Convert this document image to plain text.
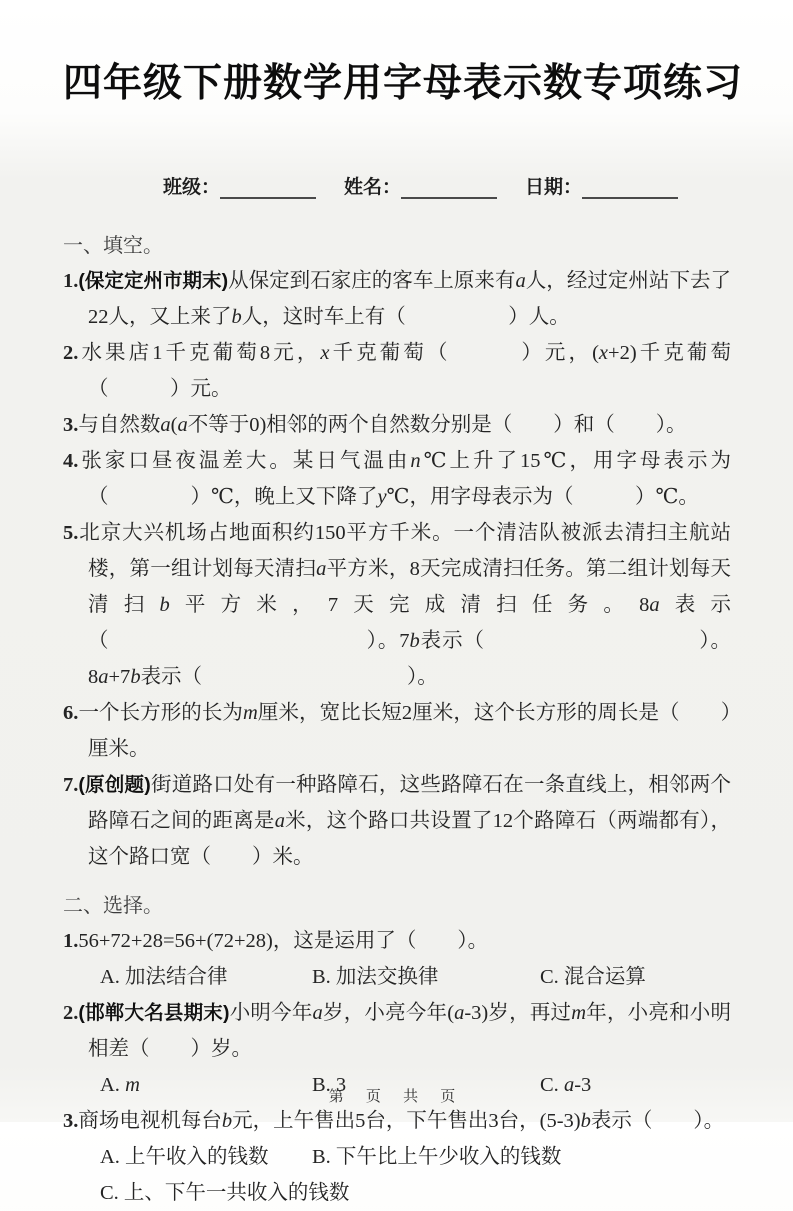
四年级下册数学用字母表示数专项练习
班级：	姓名：	日期：
一、填空。
1.(保定定州市期末)从保定到石家庄的客车上原来有a人，经过定州站下去了22人，又上来了b人，这时车上有（　　　　　）人。
2.水果店1千克葡萄8元，x千克葡萄（　　　）元，(x+2)千克葡萄（　　　）元。
3.与自然数a(a不等于0)相邻的两个自然数分别是（　　）和（　　）。
4.张家口昼夜温差大。某日气温由n℃上升了15℃，用字母表示为（　　　　）℃，晚上又下降了y℃，用字母表示为（　　　）℃。
5.北京大兴机场占地面积约150平方千米。一个清洁队被派去清扫主航站楼，第一组计划每天清扫a平方米，8天完成清扫任务。第二组计划每天清扫b平方米，7天完成清扫任务。8a表示（　　　　　　　　　　　　）。7b表示（　　　　　　　　　　）。8a+7b表示（　　　　　　　　　　）。
6.一个长方形的长为m厘米，宽比长短2厘米，这个长方形的周长是（　　）厘米。
7.(原创题)街道路口处有一种路障石，这些路障石在一条直线上，相邻两个路障石之间的距离是a米，这个路口共设置了12个路障石（两端都有），这个路口宽（　　）米。
二、选择。
1.56+72+28=56+(72+28)，这是运用了（　　）。
A. 加法结合律	B. 加法交换律	C. 混合运算
2.(邯郸大名县期末)小明今年a岁，小亮今年(a-3)岁，再过m年，小亮和小明相差（　　）岁。
A. m	B. 3	C. a-3
3.商场电视机每台b元，上午售出5台，下午售出3台，(5-3)b表示（　　）。
A. 上午收入的钱数	B. 下午比上午少收入的钱数
C. 上、下午一共收入的钱数
第 页 共 页
